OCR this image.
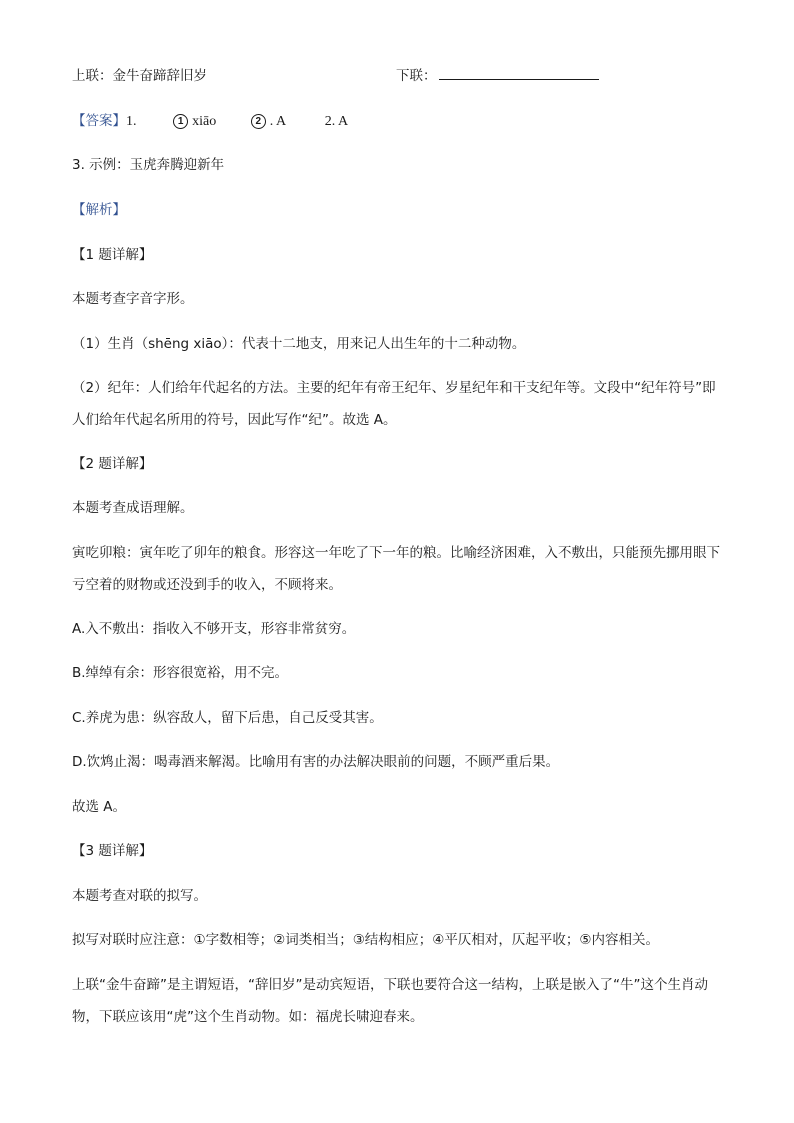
上联：金牛奋蹄辞旧岁	下联：
【答案】1.	1 xiāo	2 . A	2. A
3. 示例：玉虎奔腾迎新年
【解析】
【1 题详解】
本题考查字音字形。
（1）生肖（shēng xiāo）：代表十二地支，用来记人出生年的十二种动物。
（2）纪年：人们给年代起名的方法。主要的纪年有帝王纪年、岁星纪年和干支纪年等。文段中“纪年符号”即人们给年代起名所用的符号，因此写作“纪”。故选 A。
【2 题详解】
本题考查成语理解。
寅吃卯粮：寅年吃了卯年的粮食。形容这一年吃了下一年的粮。比喻经济困难，入不敷出，只能预先挪用眼下亏空着的财物或还没到手的收入，不顾将来。
A.入不敷出：指收入不够开支，形容非常贫穷。
B.绰绰有余：形容很宽裕，用不完。
C.养虎为患：纵容敌人，留下后患，自己反受其害。
D.饮鸩止渴：喝毒酒来解渴。比喻用有害的办法解决眼前的问题，不顾严重后果。
故选 A。
【3 题详解】
本题考查对联的拟写。
拟写对联时应注意：①字数相等；②词类相当；③结构相应；④平仄相对，仄起平收；⑤内容相关。
上联“金牛奋蹄”是主谓短语，“辞旧岁”是动宾短语，下联也要符合这一结构，上联是嵌入了“牛”这个生肖动物，下联应该用“虎”这个生肖动物。如：福虎长啸迎春来。
